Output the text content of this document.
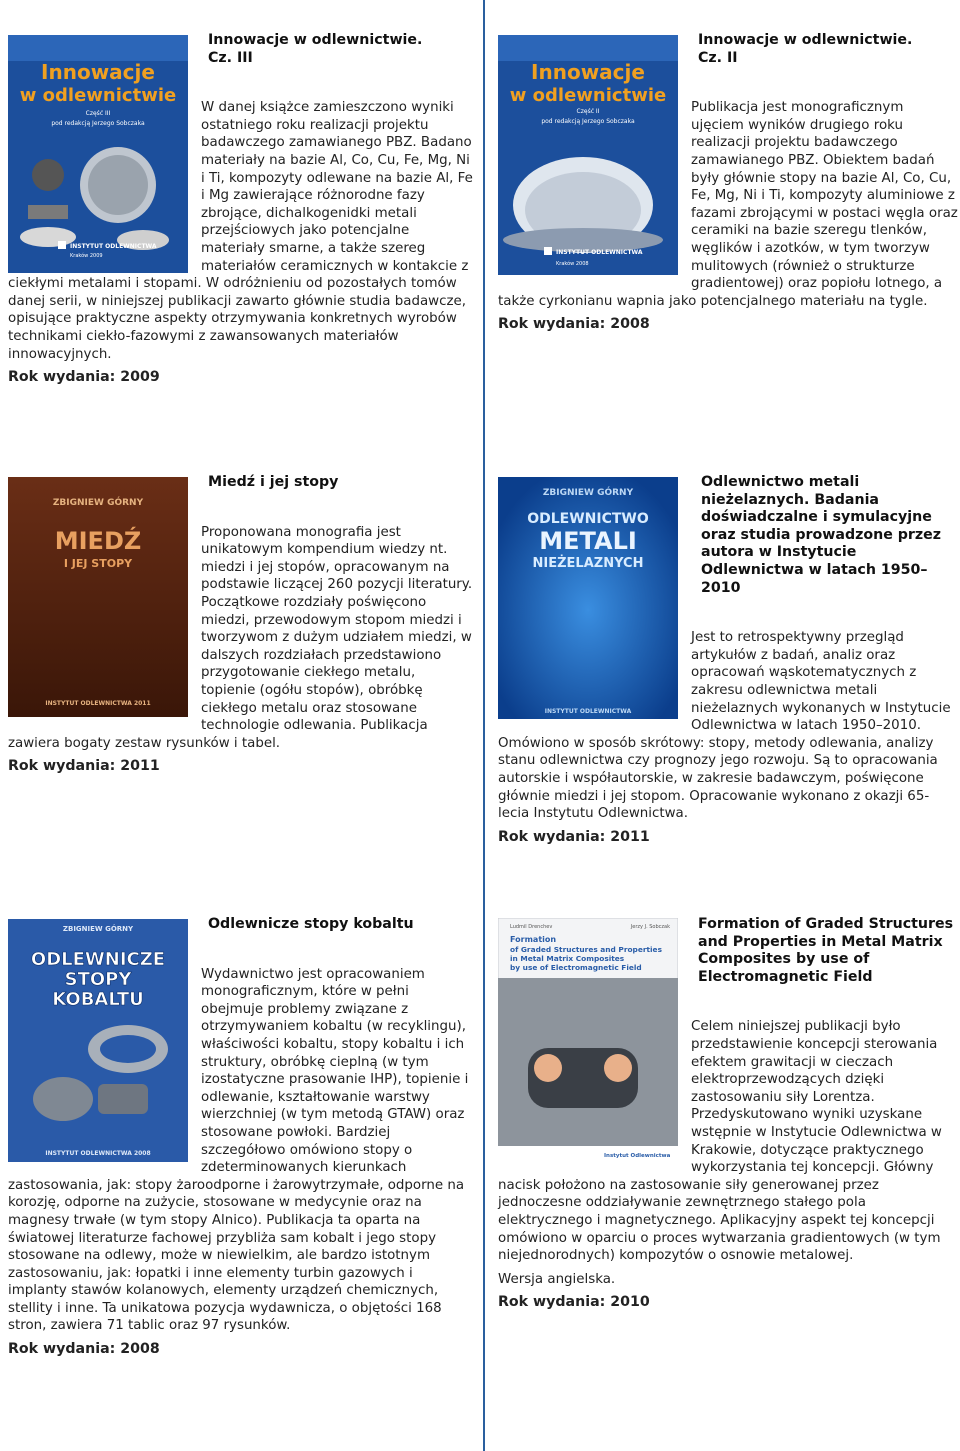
Innowacje
w odlewnictwie
Część III
pod redakcją Jerzego Sobczaka
INSTYTUT ODLEWNICTWA
Kraków 2009
Innowacje w odlewnictwie.
Cz. III
W danej książce zamieszczono wyniki ostatniego roku realizacji projektu badawczego zamawianego PBZ. Badano materiały na bazie Al, Co, Cu, Fe, Mg, Ni i Ti, kompozyty odlewane na bazie Al, Fe i Mg zawierające różnorodne fazy zbrojące, dichalkogenidki metali przejściowych jako potencjalne materiały smarne, a także szereg materiałów ceramicznych w kontakcie z ciekłymi metalami i stopami. W odróżnieniu od pozostałych tomów danej serii, w niniejszej publikacji zawarto głównie studia badawcze, opisujące praktyczne aspekty otrzymywania konkretnych wyrobów technikami ciekło-fazowymi z zawansowanych materiałów innowacyjnych.
Rok wydania: 2009
Innowacje
w odlewnictwie
Część II
pod redakcją Jerzego Sobczaka
INSTYTUT ODLEWNICTWA
Kraków 2008
Innowacje w odlewnictwie.
Cz. II
Publikacja jest monograficznym ujęciem wyników drugiego roku realizacji projektu badawczego zamawianego PBZ. Obiektem badań były głównie stopy na bazie Al, Co, Cu, Fe, Mg, Ni i Ti, kompozyty aluminiowe z fazami zbrojącymi w postaci węgla oraz ceramiki na bazie szeregu tlenków, węglików i azotków, w tym tworzyw mulitowych (również o strukturze gradientowej) oraz popiołu lotnego, a także cyrkonianu wapnia jako potencjalnego materiału na tygle.
Rok wydania: 2008
ZBIGNIEW GÓRNY
MIEDŹ
I JEJ STOPY
INSTYTUT ODLEWNICTWA 2011
Miedź i jej stopy
Proponowana monografia jest unikatowym kompendium wiedzy nt. miedzi i jej stopów, opracowanym na podstawie liczącej 260 pozycji literatury. Początkowe rozdziały poświęcono miedzi, przewodowym stopom miedzi i tworzywom z dużym udziałem miedzi, w dalszych rozdziałach przedstawiono przygotowanie ciekłego metalu, topienie (ogółu stopów), obróbkę ciekłego metalu oraz stosowane technologie odlewania. Publikacja zawiera bogaty zestaw rysunków i tabel.
Rok wydania: 2011
ZBIGNIEW GÓRNY
ODLEWNICTWO
METALI
NIEŻELAZNYCH
INSTYTUT ODLEWNICTWA
Odlewnictwo metali nieżelaznych. Badania doświadczalne i symulacyjne oraz studia prowadzone przez autora w Instytucie Odlewnictwa w latach 1950–2010
Jest to retrospektywny przegląd artykułów z badań, analiz oraz opracowań wąskotematycznych z zakresu odlewnictwa metali nieżelaznych wykonanych w Instytucie Odlewnictwa w latach 1950–2010. Omówiono w sposób skrótowy: stopy, metody odlewania, analizy stanu odlewnictwa czy prognozy jego rozwoju. Są to opracowania autorskie i współautorskie, w zakresie badawczym, poświęcone głównie miedzi i jej stopom. Opracowanie wykonano z okazji 65-lecia Instytutu Odlewnictwa.
Rok wydania: 2011
ZBIGNIEW GÓRNY
ODLEWNICZE
STOPY
KOBALTU
INSTYTUT ODLEWNICTWA 2008
Odlewnicze stopy kobaltu
Wydawnictwo jest opracowaniem monograficznym, które w pełni obejmuje problemy związane z otrzymywaniem kobaltu (w recyklingu), właściwości kobaltu, stopy kobaltu i ich struktury, obróbkę cieplną (w tym izostatyczne prasowanie IHP), topienie i odlewanie, kształtowanie warstwy wierzchniej (w tym metodą GTAW) oraz stosowane powłoki. Bardziej szczegółowo omówiono stopy o zdeterminowanych kierunkach zastosowania, jak: stopy żaroodporne i żarowytrzymałe, odporne na korozję, odporne na zużycie, stosowane w medycynie oraz na magnesy trwałe (w tym stopy Alnico). Publikacja ta oparta na światowej literaturze fachowej przybliża sam kobalt i jego stopy stosowane na odlewy, może w niewielkim, ale bardzo istotnym zastosowaniu, jak: łopatki i inne elementy turbin gazowych i implanty stawów kolanowych, elementy urządzeń chemicznych, stellity i inne. Ta unikatowa pozycja wydawnicza, o objętości 168 stron, zawiera 71 tablic oraz 97 rysunków.
Rok wydania: 2008
Ludmil Drenchev	Jerzy J. Sobczak
Formation
of Graded Structures and Properties
in Metal Matrix Composites
by use of Electromagnetic Field
Instytut Odlewnictwa
Formation of Graded Structures and Properties in Metal Matrix Composites by use of Electromagnetic Field
Celem niniejszej publikacji było przedstawienie koncepcji sterowania efektem grawitacji w cieczach elektroprzewodzących dzięki zastosowaniu siły Lorentza. Przedyskutowano wyniki uzyskane wstępnie w Instytucie Odlewnictwa w Krakowie, dotyczące praktycznego wykorzystania tej koncepcji. Główny nacisk położono na zastosowanie siły generowanej przez jednoczesne oddziaływanie zewnętrznego stałego pola elektrycznego i magnetycznego. Aplikacyjny aspekt tej koncepcji omówiono w oparciu o proces wytwarzania gradientowych (w tym niejednorodnych) kompozytów o osnowie metalowej.
Wersja angielska.
Rok wydania: 2010
